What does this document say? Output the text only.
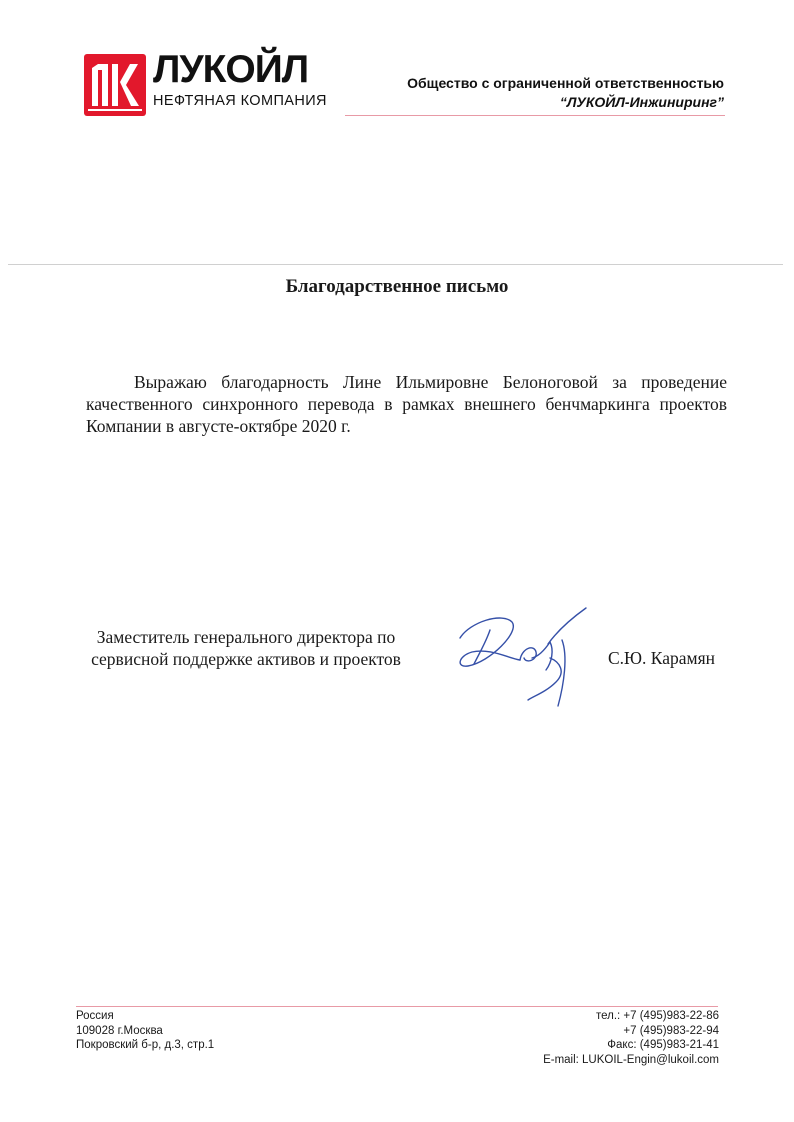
ЛУКОЙЛ
НЕФТЯНАЯ КОМПАНИЯ
Общество с ограниченной ответственностью
“ЛУКОЙЛ-Инжиниринг”
Благодарственное письмо
Выражаю благодарность Лине Ильмировне Белоноговой за проведение качественного синхронного перевода в рамках внешнего бенчмаркинга проектов Компании в августе-октябре 2020 г.
Заместитель генерального директора по
сервисной поддержке активов и проектов	С.Ю. Карамян
Россия
109028 г.Москва
Покровский б-р, д.3, стр.1
тел.: +7 (495)983-22-86
+7 (495)983-22-94
Факс: (495)983-21-41
E-mail: LUKOIL-Engin@lukoil.com
